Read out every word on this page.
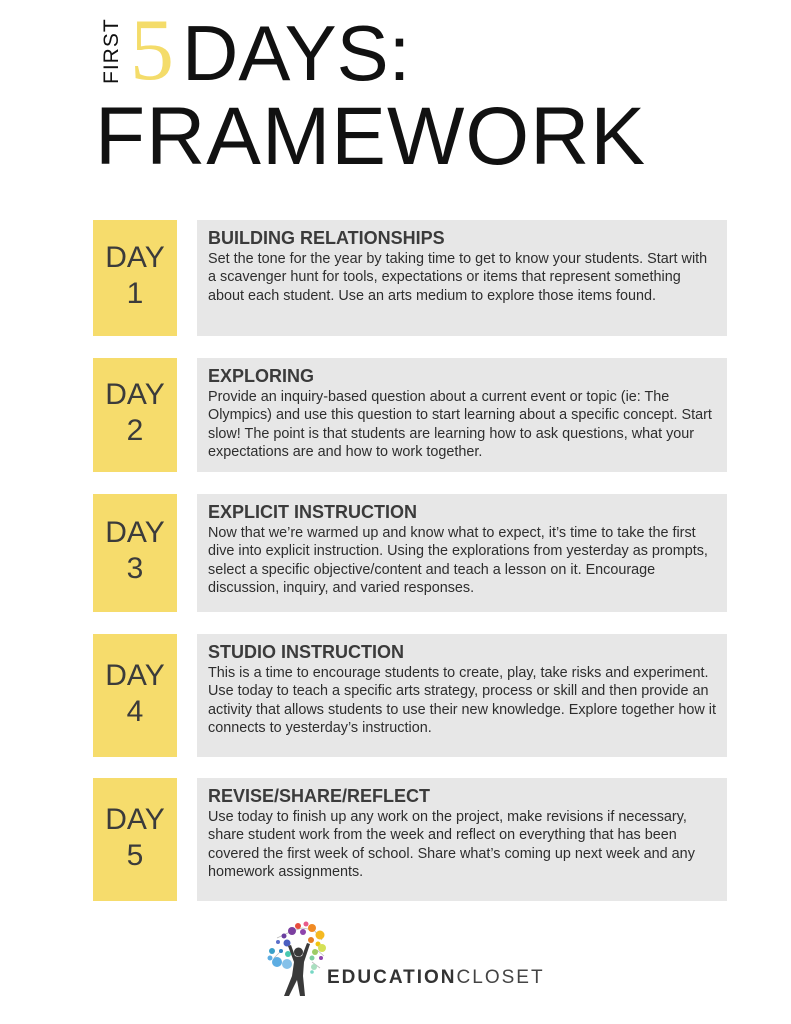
FIRST 5 DAYS:
FRAMEWORK
DAY
1
BUILDING RELATIONSHIPS

Set the tone for the year by taking time to get to know your students. Start with a scavenger hunt for tools, expectations or items that represent something about each student. Use an arts medium to explore those items found.

DAY
2
EXPLORING

Provide an inquiry-based question about a current event or topic (ie: The Olympics) and use this question to start learning about a specific concept. Start slow! The point is that students are learning how to ask questions, what your expectations are and how to work together.

DAY
3
EXPLICIT INSTRUCTION

Now that we’re warmed up and know what to expect, it’s time to take the first dive into explicit instruction. Using the explorations from yesterday as prompts, select a specific objective/content and teach a lesson on it. Encourage discussion, inquiry, and varied responses.

DAY
4
STUDIO INSTRUCTION

This is a time to encourage students to create, play, take risks and experiment. Use today to teach a specific arts strategy, process or skill and then provide an activity that allows students to use their new knowledge. Explore together how it connects to yesterday’s instruction.

DAY
5
REVISE/SHARE/REFLECT

Use today to finish up any work on the project, make revisions if necessary, share student work from the week and reflect on everything that has been covered the first week of school. Share what’s coming up next week and any homework assignments.

EDUCATIONCLOSET
